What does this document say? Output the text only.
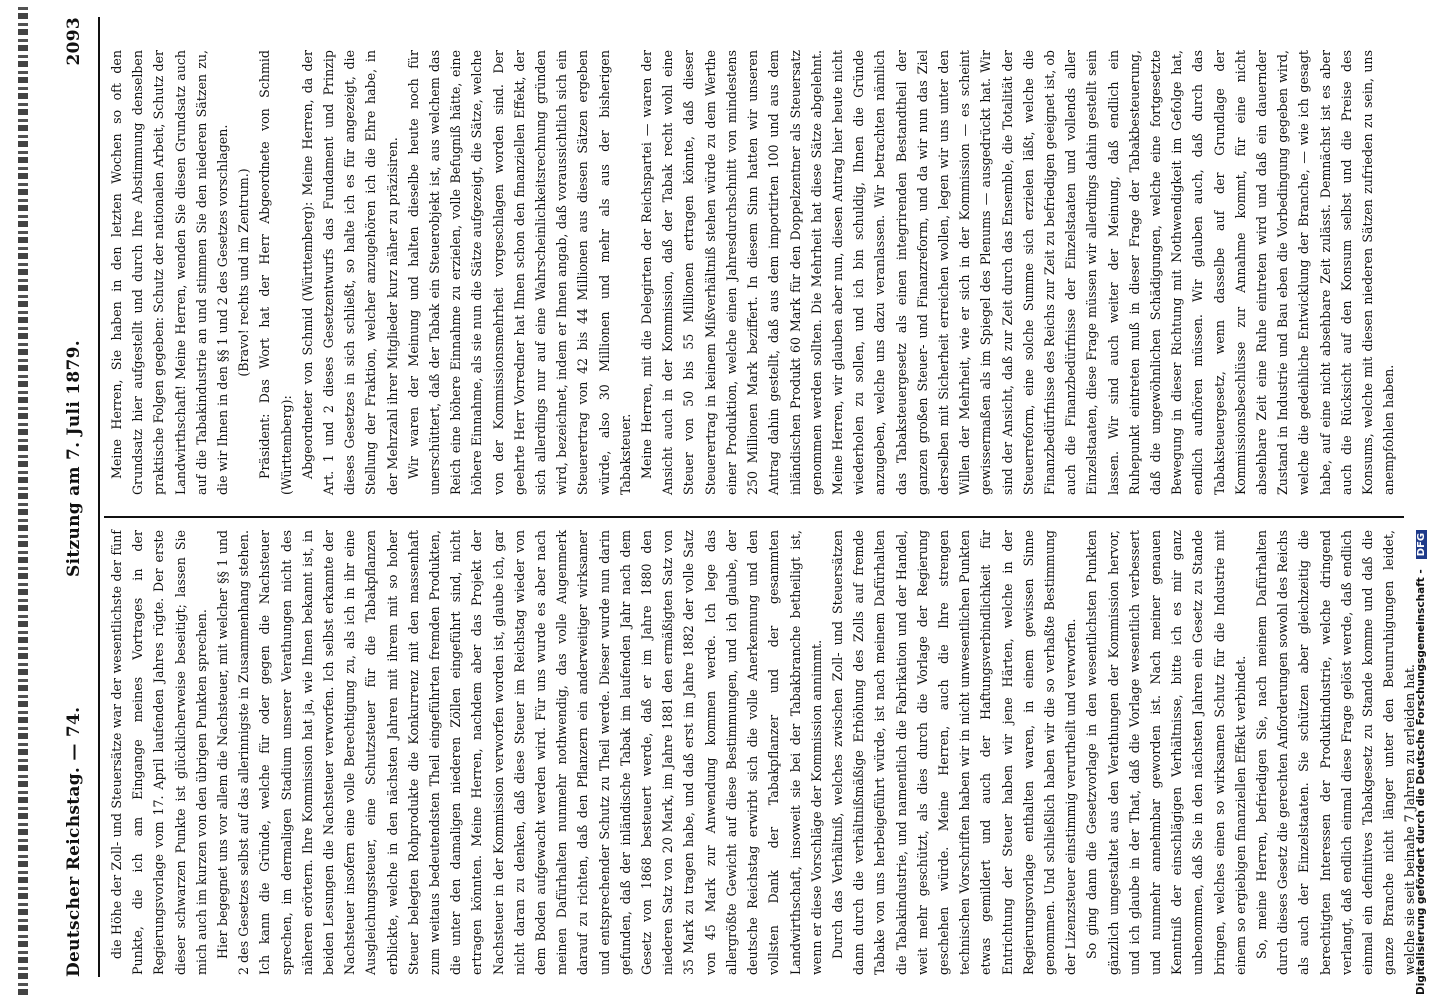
Deutscher Reichstag. — 74.
Sitzung am 7. Juli 1879.
2093

die Höhe der Zoll- und Steuersätze war der wesentlichste der fünf Punkte, die ich am Eingange meines Vortrages in der Regierungsvorlage vom 17. April laufenden Jahres rügte. Der erste dieser schwarzen Punkte ist glücklicherweise beseitigt; lassen Sie mich auch im kurzen von den übrigen Punkten sprechen. Hier begegnet uns vor allem die Nachsteuer, mit welcher §§ 1 und 2 des Gesetzes selbst auf das allerinnigste in Zusammenhang stehen. Ich kann die Gründe, welche für oder gegen die Nachsteuer sprechen, im dermaligen Stadium unserer Verathungen nicht des näheren erörtern. Ihre Kommission hat ja, wie Ihnen bekannt ist, in beiden Lesungen die Nachsteuer verworfen. Ich selbst erkannte der Nachsteuer insofern eine volle Berechtigung zu, als ich in ihr eine Ausgleichungssteuer, eine Schutzsteuer für die Tabakpflanzen erblickte, welche in den nächsten Jahren mit ihrem mit so hoher Steuer belegten Rohprodukte die Konkurrenz mit den massenhaft zum weitaus bedeutendsten Theil eingeführten fremden Produkten, die unter den damaligen niederen Zöllen eingeführt sind, nicht ertragen könnten. Meine Herren, nachdem aber das Projekt der Nachsteuer in der Kommission verworfen worden ist, glaube ich, gar nicht daran zu denken, daß diese Steuer im Reichstag wieder von dem Boden aufgewacht werden wird. Für uns wurde es aber nach meinen Dafürhalten nunmehr nothwendig, das volle Augenmerk darauf zu richten, daß den Pflanzern ein anderweitiger wirksamer und entsprechender Schutz zu Theil werde. Dieser wurde nun darin gefunden, daß der inländische Tabak im laufenden Jahr nach dem Gesetz von 1868 besteuert werde, daß er im Jahre 1880 den niederen Satz von 20 Mark, im Jahre 1881 den ermäßigten Satz von 35 Mark zu tragen habe, und daß erst im Jahre 1882 der volle Satz von 45 Mark zur Anwendung kommen werde. Ich lege das allergrößte Gewicht auf diese Bestimmungen, und ich glaube, der deutsche Reichstag erwirbt sich die volle Anerkennung und den vollsten Dank der Tabakpflanzer und der gesammten Landwirthschaft, insoweit sie bei der Tabakbranche betheiligt ist, wenn er diese Vorschläge der Kommission annimmt. Durch das Verhältniß, welches zwischen Zoll- und Steuersätzen dann durch die verhältnißmäßige Erhöhung des Zolls auf fremde Tabake von uns herbeigeführt würde, ist nach meinem Dafürhalten die Tabakindustrie, und namentlich die Fabrikation und der Handel, weit mehr geschützt, als dies durch die Vorlage der Regierung geschehen würde. Meine Herren, auch die Ihre strengen technischen Vorschriften haben wir in nicht unwesentlichen Punkten etwas gemildert und auch der Haftungsverbindlichkeit für Entrichtung der Steuer haben wir jene Härten, welche in der Regierungsvorlage enthalten waren, in einem gewissen Sinne genommen. Und schließlich haben wir die so verhaßte Bestimmung der Lizenzsteuer einstimmig verurtheilt und verworfen. So ging dann die Gesetzvorlage in den wesentlichsten Punkten gänzlich umgestaltet aus den Verathungen der Kommission hervor, und ich glaube in der That, daß die Vorlage wesentlich verbessert und nunmehr annehmbar geworden ist. Nach meiner genauen Kenntniß der einschlägigen Verhältnisse, bitte ich es mir ganz unbenommen, daß Sie in den nächsten Jahren ein Gesetz zu Stande bringen, welches einen so wirksamen Schutz für die Industrie mit einem so ergiebigen finanziellen Effekt verbindet. So, meine Herren, befriedigen Sie, nach meinem Dafürhalten durch dieses Gesetz die gerechten Anforderungen sowohl des Reichs als auch der Einzelstaaten. Sie schützen aber gleichzeitig die berechtigten Interessen der Produktindustrie, welche dringend verlangt, daß endlich einmal diese Frage gelöst werde, daß endlich einmal ein definitives Tabakgesetz zu Stande komme und daß die ganze Branche nicht länger unter den Beunruhigungen leidet, welche sie seit beinahe 7 Jahren zu erleiden hat.

Meine Herren, Sie haben in den letzten Wochen so oft den Grundsatz hier aufgestellt und durch Ihre Abstimmung denselben praktische Folgen gegeben: Schutz der nationalen Arbeit, Schutz der Landwirthschaft! Meine Herren, wenden Sie diesen Grundsatz auch auf die Tabakindustrie an und stimmen Sie den niederen Sätzen zu, die wir Ihnen in den §§ 1 und 2 des Gesetzes vorschlagen. (Bravo! rechts und im Zentrum.) Präsident: Das Wort hat der Herr Abgeordnete von Schmid (Württemberg): Abgeordneter von Schmid (Württemberg): Meine Herren, da der Art. 1 und 2 dieses Gesetzentwurfs das Fundament und Prinzip dieses Gesetzes in sich schließt, so halte ich es für angezeigt, die Stellung der Fraktion, welcher anzugehören ich die Ehre habe, in der Mehrzahl ihrer Mitglieder kurz näher zu präzisiren. Wir waren der Meinung und halten dieselbe heute noch für unerschüttert, daß der Tabak ein Steuerobjekt ist, aus welchem das Reich eine höhere Einnahme zu erzielen, volle Befugniß hätte, eine höhere Einnahme, als sie nun die Sätze aufgezeigt, die Sätze, welche von der Kommissionsmehrheit vorgeschlagen worden sind. Der geehrte Herr Vorredner hat Ihnen schon den finanziellen Effekt, der sich allerdings nur auf eine Wahrscheinlichkeitsrechnung gründen wird, bezeichnet, indem er Ihnen angab, daß voraussichtlich sich ein Steuerertrag von 42 bis 44 Millionen aus diesen Sätzen ergeben würde, also 30 Millionen und mehr als aus der bisherigen Tabaksteuer. Meine Herren, mit die Delegirten der Reichspartei — waren der Ansicht auch in der Kommission, daß der Tabak recht wohl eine Steuer von 50 bis 55 Millionen ertragen könnte, daß dieser Steuerertrag in keinem Mißverhältniß stehen würde zu dem Werthe einer Produktion, welche einen Jahresdurchschnitt von mindestens 250 Millionen Mark beziffert. In diesem Sinn hatten wir unseren Antrag dahin gestellt, daß aus dem importirten 100 und aus dem inländischen Produkt 60 Mark für den Doppelzentner als Steuersatz genommen werden sollten. Die Mehrheit hat diese Sätze abgelehnt. Meine Herren, wir glauben aber nun, diesen Antrag hier heute nicht wiederholen zu sollen, und ich bin schuldig, Ihnen die Gründe anzugeben, welche uns dazu veranlassen. Wir betrachten nämlich das Tabaksteuergesetz als einen integrirenden Bestandtheil der ganzen großen Steuer- und Finanzreform, und da wir nun das Ziel derselben mit Sicherheit erreichen wollen, legen wir uns unter den Willen der Mehrheit, wie er sich in der Kommission — es scheint gewissermaßen als im Spiegel des Plenums — ausgedrückt hat. Wir sind der Ansicht, daß zur Zeit durch das Ensemble, die Totalität der Steuerreform, eine solche Summe sich erzielen läßt, welche die Finanzbedürfnisse des Reichs zur Zeit zu befriedigen geeignet ist, ob auch die Finanzbedürfnisse der Einzelstaaten und vollends aller Einzelstaaten, diese Frage müssen wir allerdings dahin gestellt sein lassen. Wir sind auch weiter der Meinung, daß endlich ein Ruhepunkt eintreten muß in dieser Frage der Tabakbesteuerung, daß die ungewöhnlichen Schädigungen, welche eine fortgesetzte Bewegung in dieser Richtung mit Nothwendigkeit im Gefolge hat, endlich aufhören müssen. Wir glauben auch, daß durch das Tabaksteuergesetz, wenn dasselbe auf der Grundlage der Kommissionsbeschlüsse zur Annahme kommt, für eine nicht absehbare Zeit eine Ruhe eintreten wird und daß ein dauernder Zustand in Industrie und Bau eben die Vorbedingung gegeben wird, welche die gedeihliche Entwicklung der Branche, — wie ich gesagt habe, auf eine nicht absehbare Zeit zulässt. Demnächst ist es aber auch die Rücksicht auf den Konsum selbst und die Preise des Konsums, welche mit diesen niederen Sätzen zufrieden zu sein, uns anempfohlen haben.

Digitalisierung gefördert durch die Deutsche Forschungsgemeinschaft -DFG
